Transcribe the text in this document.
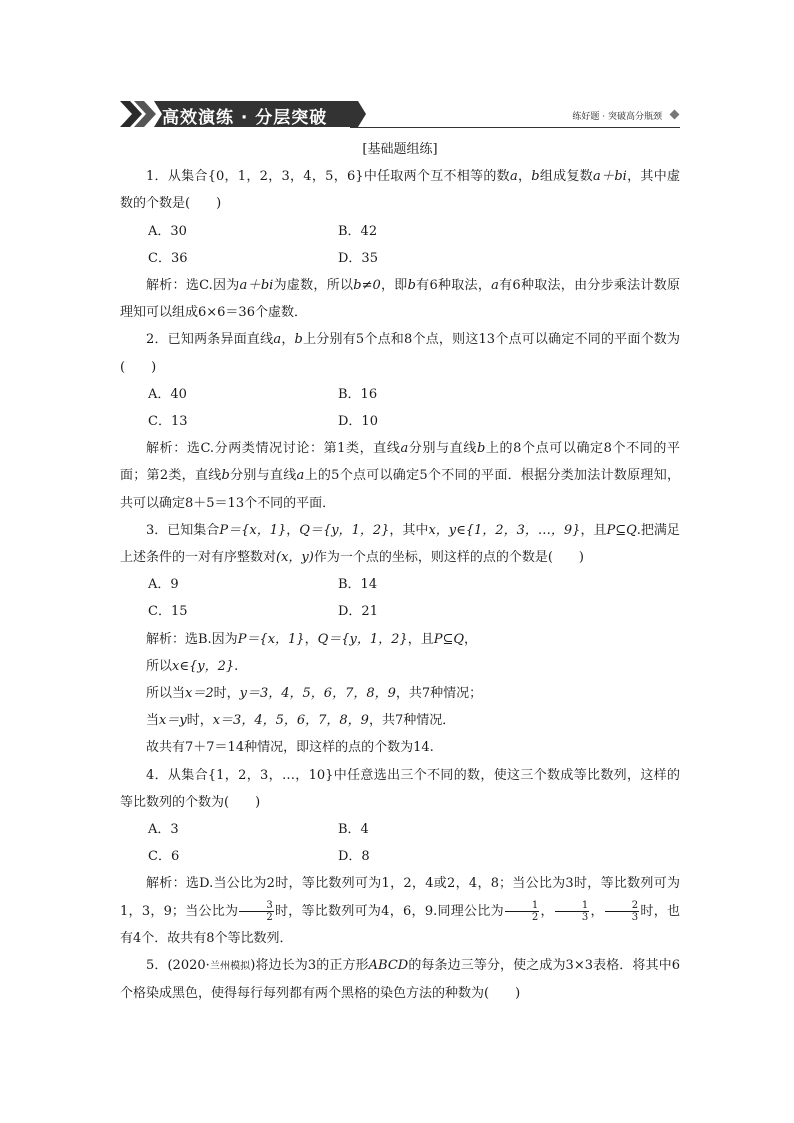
高效演练 · 分层突破	练好题 · 突破高分瓶颈

[基础题组练]

1．从集合{0，1，2，3，4，5，6}中任取两个互不相等的数a，b组成复数a＋bi，其中虚数的个数是(　　)

A．30	B．42
C．36	D．35

解析：选C.因为a＋bi为虚数，所以b≠0，即b有6种取法，a有6种取法，由分步乘法计数原理知可以组成6×6＝36个虚数．

2．已知两条异面直线a，b上分别有5个点和8个点，则这13个点可以确定不同的平面个数为(　　)

A．40	B．16
C．13	D．10

解析：选C.分两类情况讨论：第1类，直线a分别与直线b上的8个点可以确定8个不同的平面；第2类，直线b分别与直线a上的5个点可以确定5个不同的平面．根据分类加法计数原理知，共可以确定8＋5＝13个不同的平面．

3．已知集合P＝{x，1}，Q＝{y，1，2}，其中x，y∈{1，2，3，…，9}，且P⊆Q.把满足上述条件的一对有序整数对(x，y)作为一个点的坐标，则这样的点的个数是(　　)

A．9	B．14
C．15	D．21

解析：选B.因为P＝{x，1}，Q＝{y，1，2}，且P⊆Q，

所以x∈{y，2}.

所以当x＝2时，y＝3，4，5，6，7，8，9，共7种情况；

当x＝y时，x＝3，4，5，6，7，8，9，共7种情况．

故共有7＋7＝14种情况，即这样的点的个数为14.

4．从集合{1，2，3，…，10}中任意选出三个不同的数，使这三个数成等比数列，这样的等比数列的个数为(　　)

A．3	B．4
C．6	D．8

解析：选D.当公比为2时，等比数列可为1，2，4或2，4，8；当公比为3时，等比数列可为1，3，9；当公比为 $\frac{3}{2}$ 时，等比数列可为4，6，9.同理公比为 $\frac{1}{2}$ ， $\frac{1}{3}$ ， $\frac{2}{3}$ 时，也有4个．故共有8个等比数列．

5．(2020·兰州模拟)将边长为3的正方形ABCD的每条边三等分，使之成为3×3表格．将其中6个格染成黑色，使得每行每列都有两个黑格的染色方法的种数为(　　)
